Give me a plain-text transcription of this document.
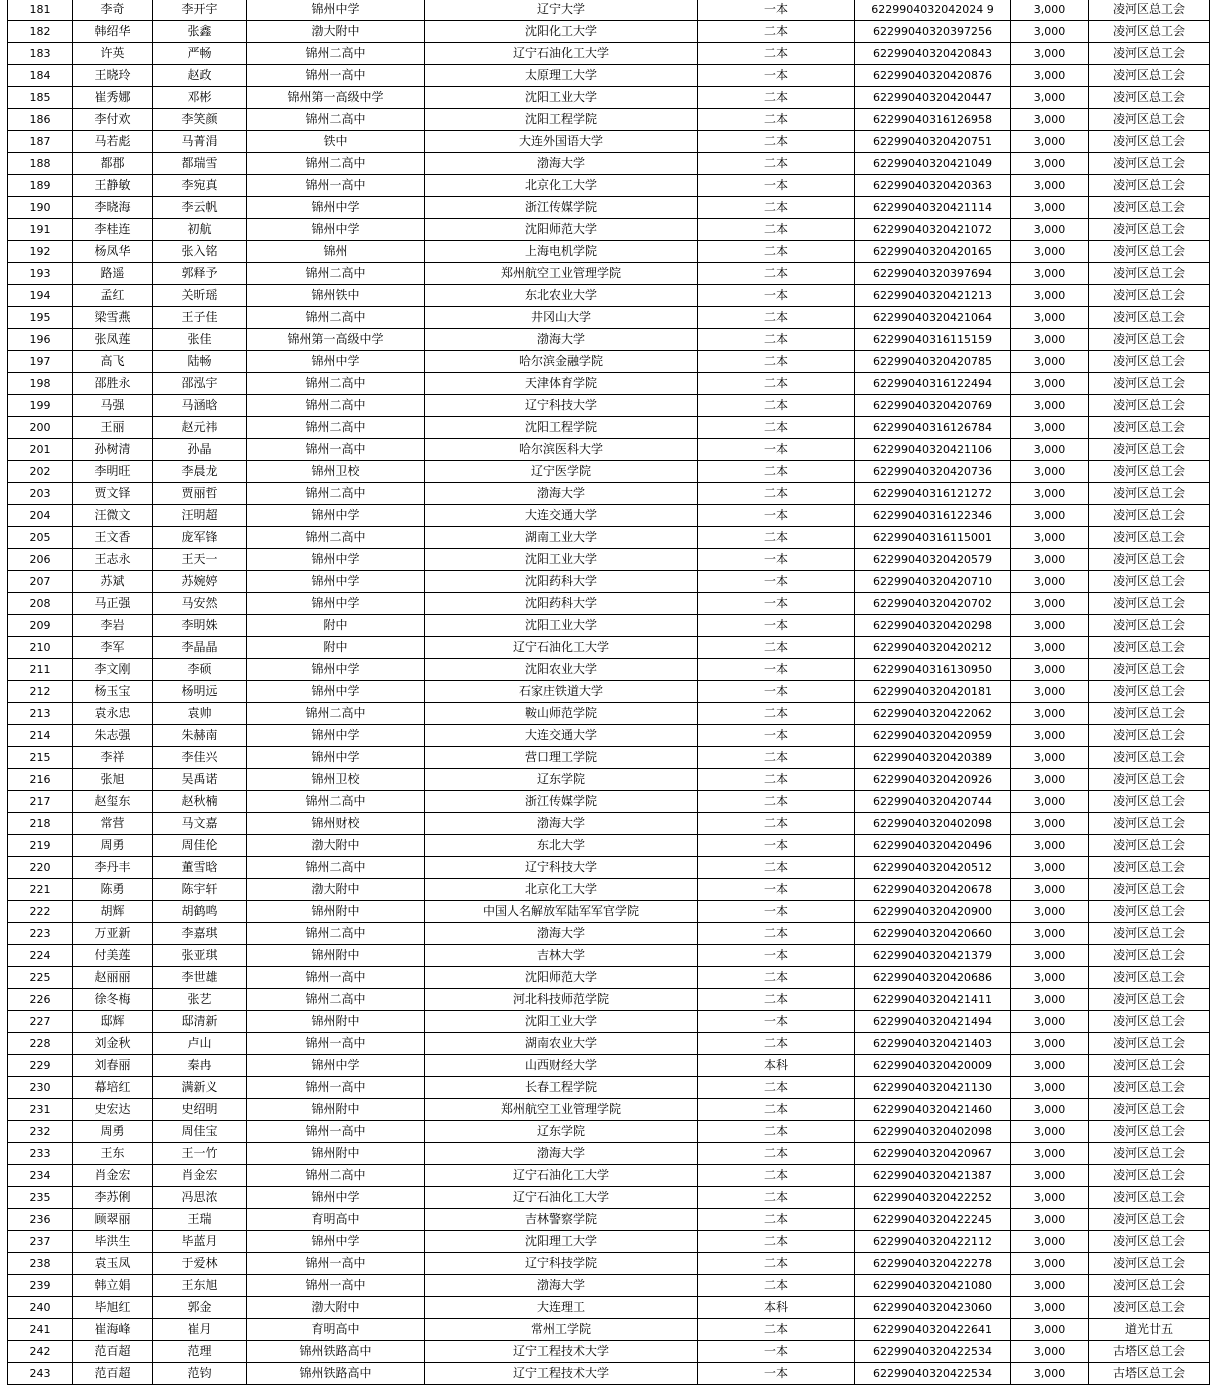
181	李奇	李开宇	锦州中学	辽宁大学	一本	6229904032042024 9	3,000	凌河区总工会
182	韩绍华	张鑫	渤大附中	沈阳化工大学	二本	62299040320397256	3,000	凌河区总工会
183	许英	严畅	锦州二高中	辽宁石油化工大学	二本	62299040320420843	3,000	凌河区总工会
184	王晓玲	赵政	锦州一高中	太原理工大学	一本	62299040320420876	3,000	凌河区总工会
185	崔秀娜	邓彬	锦州第一高级中学	沈阳工业大学	二本	62299040320420447	3,000	凌河区总工会
186	李付欢	李笑颜	锦州二高中	沈阳工程学院	二本	62299040316126958	3,000	凌河区总工会
187	马若彪	马菁涓	铁中	大连外国语大学	二本	62299040320420751	3,000	凌河区总工会
188	都郡	都瑞雪	锦州二高中	渤海大学	二本	62299040320421049	3,000	凌河区总工会
189	王静敏	李宛真	锦州一高中	北京化工大学	一本	62299040320420363	3,000	凌河区总工会
190	李晓海	李云帆	锦州中学	浙江传媒学院	二本	62299040320421114	3,000	凌河区总工会
191	李桂连	初航	锦州中学	沈阳师范大学	二本	62299040320421072	3,000	凌河区总工会
192	杨凤华	张入铭	锦州	上海电机学院	二本	62299040320420165	3,000	凌河区总工会
193	路遥	郭释予	锦州二高中	郑州航空工业管理学院	二本	62299040320397694	3,000	凌河区总工会
194	孟红	关昕瑶	锦州铁中	东北农业大学	一本	62299040320421213	3,000	凌河区总工会
195	梁雪燕	王子佳	锦州二高中	井冈山大学	二本	62299040320421064	3,000	凌河区总工会
196	张凤莲	张佳	锦州第一高级中学	渤海大学	二本	62299040316115159	3,000	凌河区总工会
197	高飞	陆畅	锦州中学	哈尔滨金融学院	二本	62299040320420785	3,000	凌河区总工会
198	邵胜永	邵泓宇	锦州二高中	天津体育学院	二本	62299040316122494	3,000	凌河区总工会
199	马强	马涵晗	锦州二高中	辽宁科技大学	二本	62299040320420769	3,000	凌河区总工会
200	王丽	赵元祎	锦州二高中	沈阳工程学院	二本	62299040316126784	3,000	凌河区总工会
201	孙树清	孙晶	锦州一高中	哈尔滨医科大学	一本	62299040320421106	3,000	凌河区总工会
202	李明旺	李晨龙	锦州卫校	辽宁医学院	二本	62299040320420736	3,000	凌河区总工会
203	贾文铎	贾丽哲	锦州二高中	渤海大学	二本	62299040316121272	3,000	凌河区总工会
204	汪微文	汪明超	锦州中学	大连交通大学	一本	62299040316122346	3,000	凌河区总工会
205	王文香	庞军锋	锦州二高中	湖南工业大学	二本	62299040316115001	3,000	凌河区总工会
206	王志永	王天一	锦州中学	沈阳工业大学	一本	62299040320420579	3,000	凌河区总工会
207	苏斌	苏婉婷	锦州中学	沈阳药科大学	一本	62299040320420710	3,000	凌河区总工会
208	马正强	马安然	锦州中学	沈阳药科大学	一本	62299040320420702	3,000	凌河区总工会
209	李岩	李明姝	附中	沈阳工业大学	一本	62299040320420298	3,000	凌河区总工会
210	李军	李晶晶	附中	辽宁石油化工大学	二本	62299040320420212	3,000	凌河区总工会
211	李文刚	李硕	锦州中学	沈阳农业大学	一本	62299040316130950	3,000	凌河区总工会
212	杨玉宝	杨明远	锦州中学	石家庄铁道大学	一本	62299040320420181	3,000	凌河区总工会
213	袁永忠	袁帅	锦州二高中	鞍山师范学院	二本	62299040320422062	3,000	凌河区总工会
214	朱志强	朱赫南	锦州中学	大连交通大学	一本	62299040320420959	3,000	凌河区总工会
215	李祥	李佳兴	锦州中学	营口理工学院	二本	62299040320420389	3,000	凌河区总工会
216	张旭	吴禹诺	锦州卫校	辽东学院	二本	62299040320420926	3,000	凌河区总工会
217	赵玺东	赵秋楠	锦州二高中	浙江传媒学院	二本	62299040320420744	3,000	凌河区总工会
218	常营	马文嘉	锦州财校	渤海大学	二本	62299040320402098	3,000	凌河区总工会
219	周勇	周佳伦	渤大附中	东北大学	一本	62299040320420496	3,000	凌河区总工会
220	李丹丰	董雪晗	锦州二高中	辽宁科技大学	二本	62299040320420512	3,000	凌河区总工会
221	陈勇	陈宇轩	渤大附中	北京化工大学	一本	62299040320420678	3,000	凌河区总工会
222	胡辉	胡鹤鸣	锦州附中	中国人名解放军陆军军官学院	一本	62299040320420900	3,000	凌河区总工会
223	万亚新	李嘉琪	锦州二高中	渤海大学	二本	62299040320420660	3,000	凌河区总工会
224	付美莲	张亚琪	锦州附中	吉林大学	一本	62299040320421379	3,000	凌河区总工会
225	赵丽丽	李世雄	锦州一高中	沈阳师范大学	二本	62299040320420686	3,000	凌河区总工会
226	徐冬梅	张艺	锦州二高中	河北科技师范学院	二本	62299040320421411	3,000	凌河区总工会
227	邸辉	邸清新	锦州附中	沈阳工业大学	一本	62299040320421494	3,000	凌河区总工会
228	刘金秋	卢山	锦州一高中	湖南农业大学	二本	62299040320421403	3,000	凌河区总工会
229	刘春丽	秦冉	锦州中学	山西财经大学	本科	62299040320420009	3,000	凌河区总工会
230	幕培红	满新义	锦州一高中	长春工程学院	二本	62299040320421130	3,000	凌河区总工会
231	史宏达	史绍明	锦州附中	郑州航空工业管理学院	二本	62299040320421460	3,000	凌河区总工会
232	周勇	周佳宝	锦州一高中	辽东学院	二本	62299040320402098	3,000	凌河区总工会
233	王东	王一竹	锦州附中	渤海大学	二本	62299040320420967	3,000	凌河区总工会
234	肖金宏	肖金宏	锦州二高中	辽宁石油化工大学	二本	62299040320421387	3,000	凌河区总工会
235	李苏俐	冯思浓	锦州中学	辽宁石油化工大学	二本	62299040320422252	3,000	凌河区总工会
236	顾翠丽	王瑞	育明高中	吉林警察学院	二本	62299040320422245	3,000	凌河区总工会
237	毕洪生	毕蓝月	锦州中学	沈阳理工大学	二本	62299040320422112	3,000	凌河区总工会
238	袁玉凤	于爱林	锦州一高中	辽宁科技学院	二本	62299040320422278	3,000	凌河区总工会
239	韩立娟	王东旭	锦州一高中	渤海大学	二本	62299040320421080	3,000	凌河区总工会
240	毕旭红	郭金	渤大附中	大连理工	本科	62299040320423060	3,000	凌河区总工会
241	崔海峰	崔月	育明高中	常州工学院	二本	62299040320422641	3,000	道光廿五
242	范百超	范理	锦州铁路高中	辽宁工程技术大学	一本	62299040320422534	3,000	古塔区总工会
243	范百超	范钧	锦州铁路高中	辽宁工程技术大学	一本	62299040320422534	3,000	古塔区总工会
